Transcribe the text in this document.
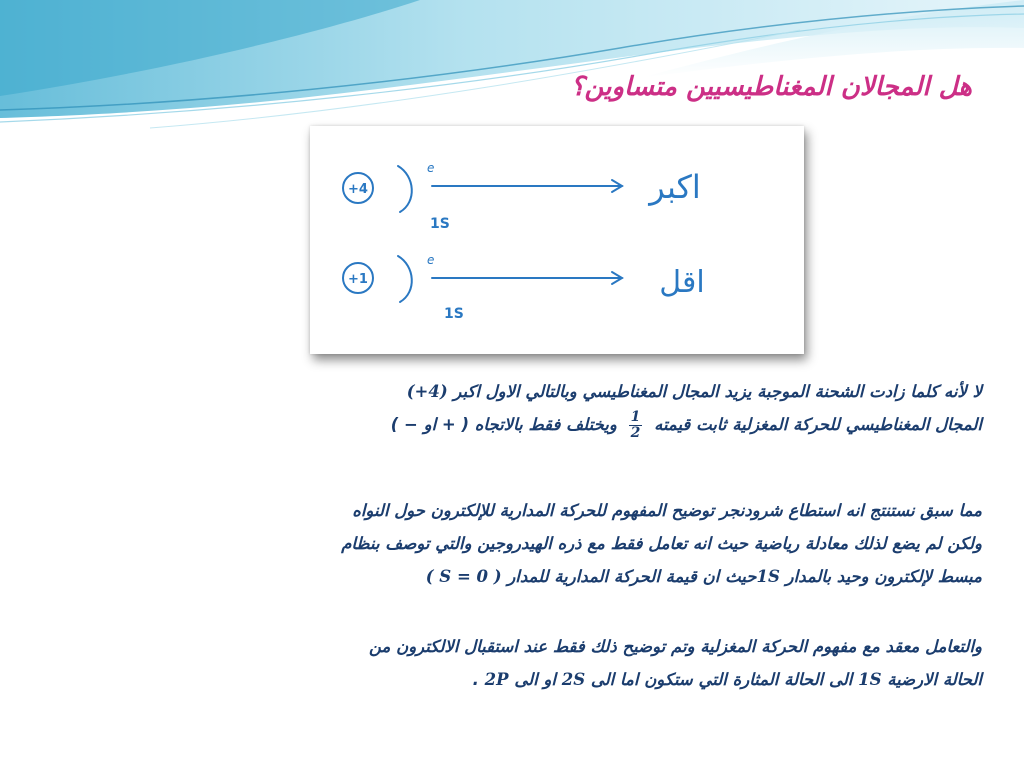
هل المجالان المغناطيسيين متساوين؟
+4
e
1S
اكبر
+1
e
1S
اقل
لا لأنه كلما زادت الشحنة الموجبة يزيد المجال المغناطيسي وبالتالي الاول اكبر (+4)
المجال المغناطيسي للحركة المغزلية ثابت قيمته
$\frac{1}{2}$
ويختلف فقط بالاتجاه ( + او − )
مما سبق نستنتج انه استطاع شرودنجر توضيح المفهوم للحركة المدارية للإلكترون حول النواه
ولكن لم يضع لذلك معادلة رياضية حيث انه تعامل فقط مع ذره الهيدروجين والتي توصف بنظام
مبسط لإلكترون وحيد بالمدار 1Sحيث ان قيمة الحركة المدارية للمدار ( S = 0 )
والتعامل معقد مع مفهوم الحركة المغزلية وتم توضيح ذلك فقط عند استقبال الالكترون من
الحالة الارضية 1S الى الحالة المثارة التي ستكون اما الى 2S او الى 2P .
